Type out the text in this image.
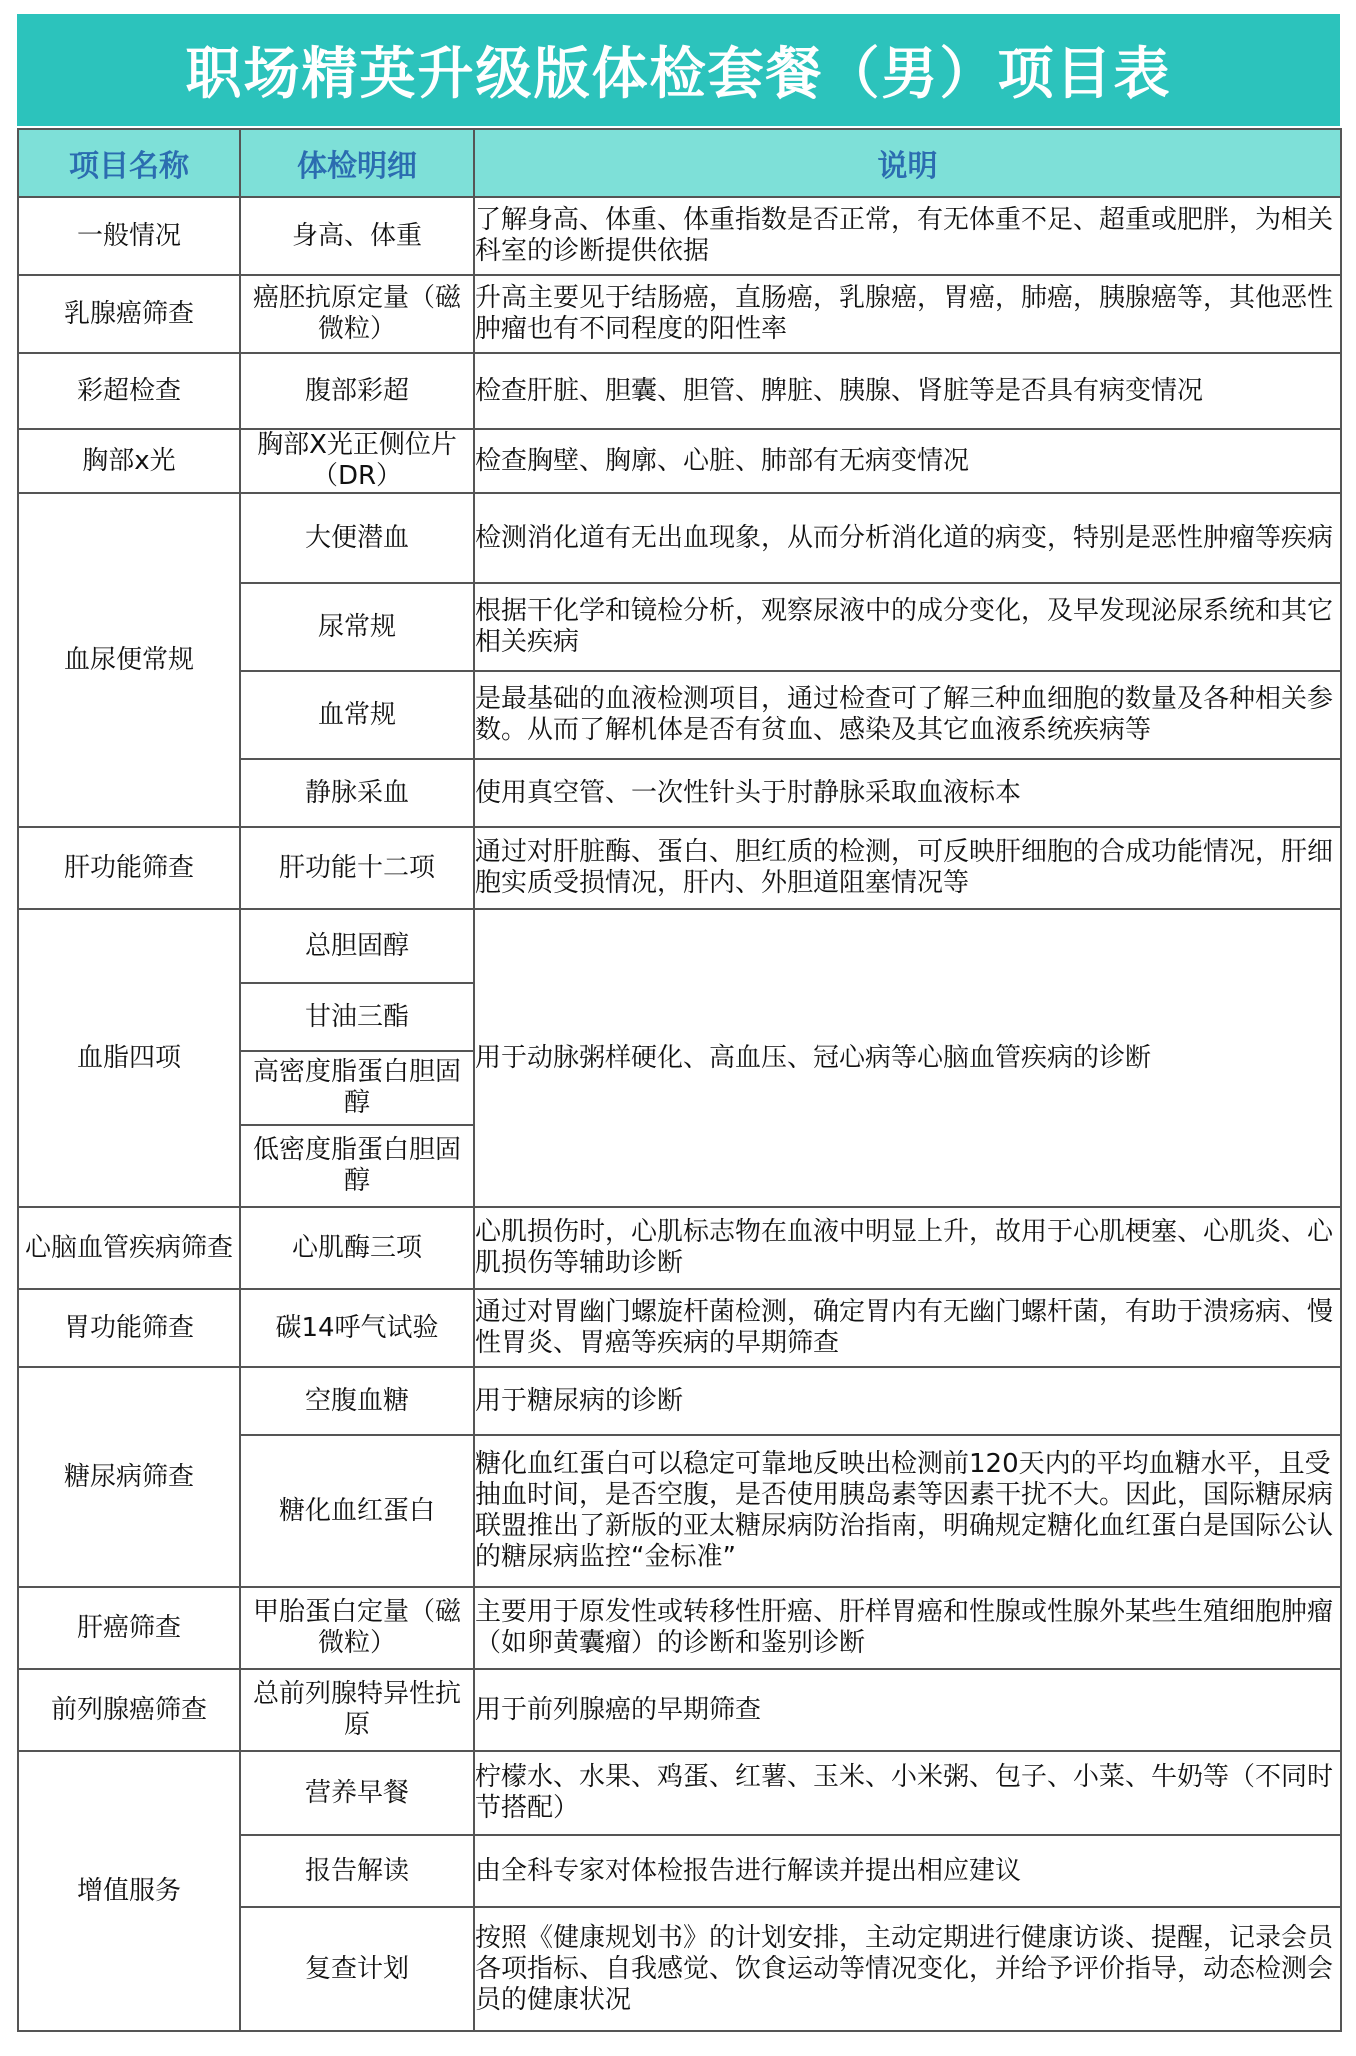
职场精英升级版体检套餐（男）项目表
项目名称	体检明细	说明
一般情况	身高、体重	了解身高、体重、体重指数是否正常，有无体重不足、超重或肥胖，为相关科室的诊断提供依据
乳腺癌筛查	癌胚抗原定量（磁微粒）	升高主要见于结肠癌，直肠癌，乳腺癌，胃癌，肺癌，胰腺癌等，其他恶性肿瘤也有不同程度的阳性率
彩超检查	腹部彩超	检查肝脏、胆囊、胆管、脾脏、胰腺、肾脏等是否具有病变情况
胸部x光	胸部X光正侧位片（DR）	检查胸壁、胸廓、心脏、肺部有无病变情况
血尿便常规	大便潜血	检测消化道有无出血现象，从而分析消化道的病变，特别是恶性肿瘤等疾病
	尿常规	根据干化学和镜检分析，观察尿液中的成分变化，及早发现泌尿系统和其它相关疾病
	血常规	是最基础的血液检测项目，通过检查可了解三种血细胞的数量及各种相关参数。从而了解机体是否有贫血、感染及其它血液系统疾病等
	静脉采血	使用真空管、一次性针头于肘静脉采取血液标本
肝功能筛查	肝功能十二项	通过对肝脏酶、蛋白、胆红质的检测，可反映肝细胞的合成功能情况，肝细胞实质受损情况，肝内、外胆道阻塞情况等
血脂四项	总胆固醇	用于动脉粥样硬化、高血压、冠心病等心脑血管疾病的诊断
	甘油三酯	
	高密度脂蛋白胆固醇	
	低密度脂蛋白胆固醇	
心脑血管疾病筛查	心肌酶三项	心肌损伤时，心肌标志物在血液中明显上升，故用于心肌梗塞、心肌炎、心肌损伤等辅助诊断
胃功能筛查	碳14呼气试验	通过对胃幽门螺旋杆菌检测，确定胃内有无幽门螺杆菌，有助于溃疡病、慢性胃炎、胃癌等疾病的早期筛查
糖尿病筛查	空腹血糖	用于糖尿病的诊断
	糖化血红蛋白	糖化血红蛋白可以稳定可靠地反映出检测前120天内的平均血糖水平，且受抽血时间，是否空腹，是否使用胰岛素等因素干扰不大。因此，国际糖尿病联盟推出了新版的亚太糖尿病防治指南，明确规定糖化血红蛋白是国际公认的糖尿病监控“金标准”
肝癌筛查	甲胎蛋白定量（磁微粒）	主要用于原发性或转移性肝癌、肝样胃癌和性腺或性腺外某些生殖细胞肿瘤（如卵黄囊瘤）的诊断和鉴别诊断
前列腺癌筛查	总前列腺特异性抗原	用于前列腺癌的早期筛查
增值服务	营养早餐	柠檬水、水果、鸡蛋、红薯、玉米、小米粥、包子、小菜、牛奶等（不同时节搭配）
	报告解读	由全科专家对体检报告进行解读并提出相应建议
	复查计划	按照《健康规划书》的计划安排，主动定期进行健康访谈、提醒，记录会员各项指标、自我感觉、饮食运动等情况变化，并给予评价指导，动态检测会员的健康状况
